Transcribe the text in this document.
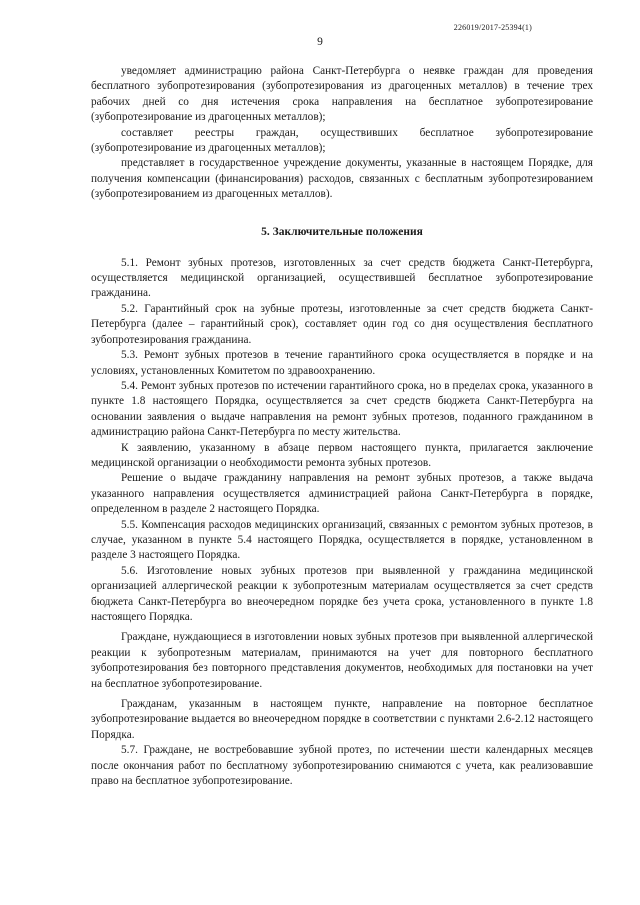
226019/2017-25394(1)
9

уведомляет администрацию района Санкт-Петербурга о неявке граждан для проведения бесплатного зубопротезирования (зубопротезирования из драгоценных металлов) в течение трех рабочих дней со дня истечения срока направления на бесплатное зубопротезирование (зубопротезирование из драгоценных металлов);

составляет реестры граждан, осуществивших бесплатное зубопротезирование (зубопротезирование из драгоценных металлов);

представляет в государственное учреждение документы, указанные в настоящем Порядке, для получения компенсации (финансирования) расходов, связанных с бесплатным зубопротезированием (зубопротезированием из драгоценных металлов).

5. Заключительные положения

5.1. Ремонт зубных протезов, изготовленных за счет средств бюджета Санкт-Петербурга, осуществляется медицинской организацией, осуществившей бесплатное зубопротезирование гражданина.

5.2. Гарантийный срок на зубные протезы, изготовленные за счет средств бюджета Санкт-Петербурга (далее – гарантийный срок), составляет один год со дня осуществления бесплатного зубопротезирования гражданина.

5.3. Ремонт зубных протезов в течение гарантийного срока осуществляется в порядке и на условиях, установленных Комитетом по здравоохранению.

5.4. Ремонт зубных протезов по истечении гарантийного срока, но в пределах срока, указанного в пункте 1.8 настоящего Порядка, осуществляется за счет средств бюджета Санкт-Петербурга на основании заявления о выдаче направления на ремонт зубных протезов, поданного гражданином в администрацию района Санкт-Петербурга по месту жительства.

К заявлению, указанному в абзаце первом настоящего пункта, прилагается заключение медицинской организации о необходимости ремонта зубных протезов.

Решение о выдаче гражданину направления на ремонт зубных протезов, а также выдача указанного направления осуществляется администрацией района Санкт-Петербурга в порядке, определенном в разделе 2 настоящего Порядка.

5.5. Компенсация расходов медицинских организаций, связанных с ремонтом зубных протезов, в случае, указанном в пункте 5.4 настоящего Порядка, осуществляется в порядке, установленном в разделе 3 настоящего Порядка.

5.6. Изготовление новых зубных протезов при выявленной у гражданина медицинской организацией аллергической реакции к зубопротезным материалам осуществляется за счет средств бюджета Санкт-Петербурга во внеочередном порядке без учета срока, установленного в пункте 1.8 настоящего Порядка.

Граждане, нуждающиеся в изготовлении новых зубных протезов при выявленной аллергической реакции к зубопротезным материалам, принимаются на учет для повторного бесплатного зубопротезирования без повторного представления документов, необходимых для постановки на учет на бесплатное зубопротезирование.

Гражданам, указанным в настоящем пункте, направление на повторное бесплатное зубопротезирование выдается во внеочередном порядке в соответствии с пунктами 2.6-2.12 настоящего Порядка.

5.7. Граждане, не востребовавшие зубной протез, по истечении шести календарных месяцев после окончания работ по бесплатному зубопротезированию снимаются с учета, как реализовавшие право на бесплатное зубопротезирование.
